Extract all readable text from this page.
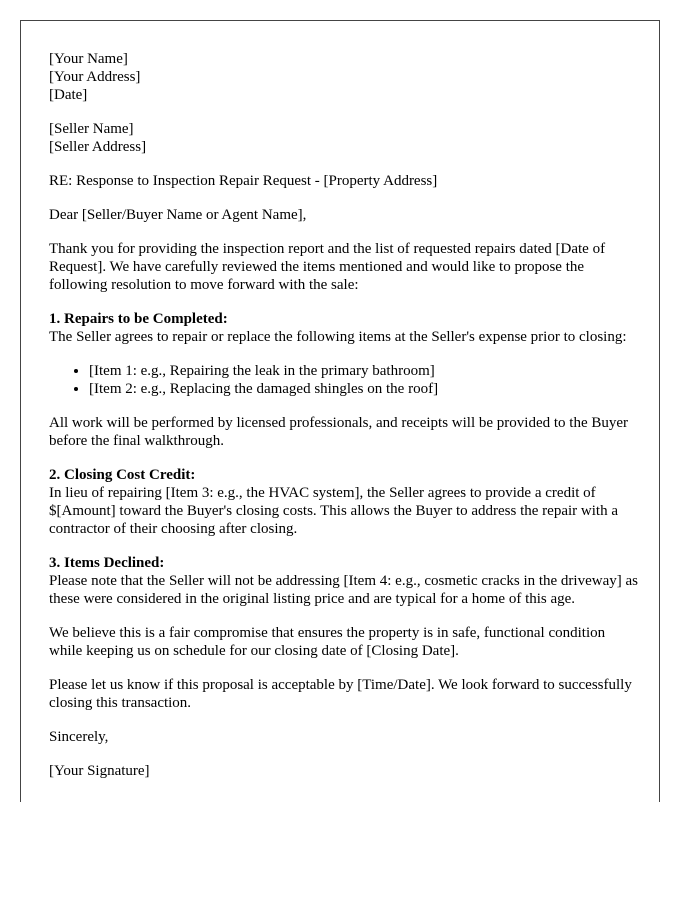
[Your Name]

[Your Address]

[Date]

[Seller Name]

[Seller Address]

RE: Response to Inspection Repair Request - [Property Address]

Dear [Seller/Buyer Name or Agent Name],

Thank you for providing the inspection report and the list of requested repairs dated [Date of Request]. We have carefully reviewed the items mentioned and would like to propose the following resolution to move forward with the sale:

1. Repairs to be Completed:

The Seller agrees to repair or replace the following items at the Seller's expense prior to closing:

• [Item 1: e.g., Repairing the leak in the primary bathroom]
• [Item 2: e.g., Replacing the damaged shingles on the roof]

All work will be performed by licensed professionals, and receipts will be provided to the Buyer before the final walkthrough.

2. Closing Cost Credit:

In lieu of repairing [Item 3: e.g., the HVAC system], the Seller agrees to provide a credit of $[Amount] toward the Buyer's closing costs. This allows the Buyer to address the repair with a contractor of their choosing after closing.

3. Items Declined:

Please note that the Seller will not be addressing [Item 4: e.g., cosmetic cracks in the driveway] as these were considered in the original listing price and are typical for a home of this age.

We believe this is a fair compromise that ensures the property is in safe, functional condition while keeping us on schedule for our closing date of [Closing Date].

Please let us know if this proposal is acceptable by [Time/Date]. We look forward to successfully closing this transaction.

Sincerely,

[Your Signature]
